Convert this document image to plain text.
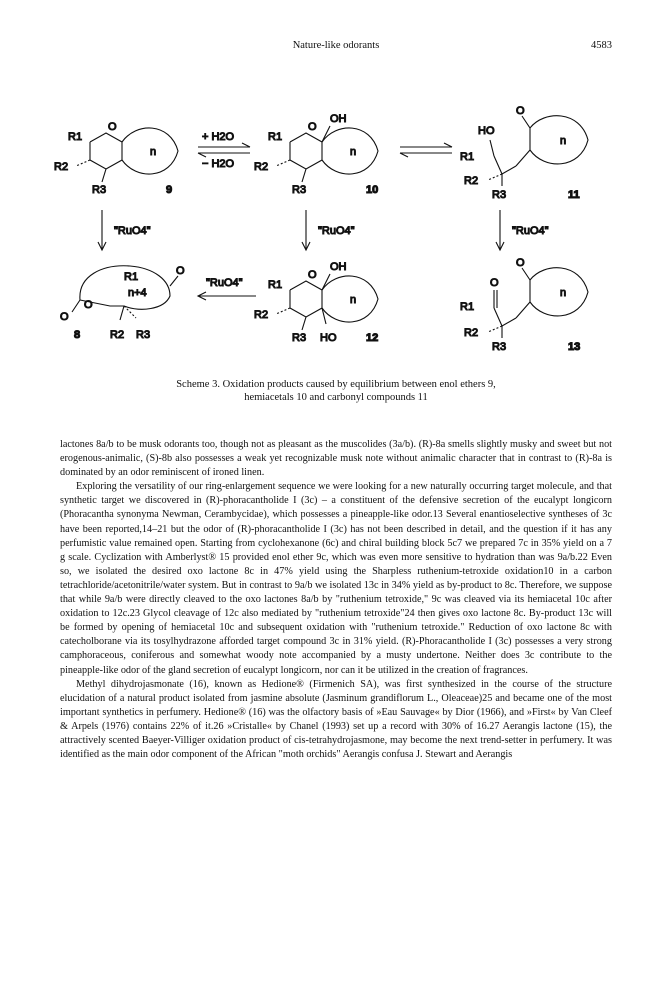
Nature-like odorants	4583
R1
O
R2
R3
n
9
+ H2O
− H2O
OH
R1
O
R2
R3
n
10
O
HO
R1
R2
R3
n
11
"RuO4"	"RuO4"	"RuO4"
O
O
O
R1
n+4
8	R2 R3
"RuO4"
OH
R1
O
R2
R3 HO
n
12
O
O
R1
R2
R3
n
13

Scheme 3. Oxidation products caused by equilibrium between enol ethers 9,

hemiacetals 10 and carbonyl compounds 11

lactones 8a/b to be musk odorants too, though not as pleasant as the muscolides (3a/b). (R)-8a smells slightly musky and sweet but not erogenous-animalic, (S)-8b also possesses a weak yet recognizable musk note without animalic character that in contrast to (R)-8a is dominated by an odor reminiscent of ironed linen.

Exploring the versatility of our ring-enlargement sequence we were looking for a new naturally occurring target molecule, and that synthetic target we discovered in (R)-phoracantholide I (3c) – a constituent of the defensive secretion of the eucalypt longicorn (Phoracantha synonyma Newman, Cerambycidae), which possesses a pineapple-like odor.13 Several enantioselective syntheses of 3c have been reported,14–21 but the odor of (R)-phoracantholide I (3c) has not been described in detail, and the question if it has any perfumistic value remained open. Starting from cyclohexanone (6c) and chiral building block 5c7 we prepared 7c in 35% yield on a 7 g scale. Cyclization with Amberlyst® 15 provided enol ether 9c, which was even more sensitive to hydration than was 9a/b.22 Even so, we isolated the desired oxo lactone 8c in 47% yield using the Sharpless ruthenium-tetroxide oxidation10 in a carbon tetrachloride/acetonitrile/water system. But in contrast to 9a/b we isolated 13c in 34% yield as by-product to 8c. Therefore, we suppose that while 9a/b were directly cleaved to the oxo lactones 8a/b by "ruthenium tetroxide," 9c was cleaved via its hemiacetal 10c after oxidation to 12c.23 Glycol cleavage of 12c also mediated by "ruthenium tetroxide"24 then gives oxo lactone 8c. By-product 13c will be formed by opening of hemiacetal 10c and subsequent oxidation with "ruthenium tetroxide." Reduction of oxo lactone 8c with catecholborane via its tosylhydrazone afforded target compound 3c in 31% yield. (R)-Phoracantholide I (3c) possesses a very strong camphoraceous, coniferous and somewhat woody note accompanied by a musty undertone. Neither does 3c contribute to the pineapple-like odor of the gland secretion of eucalypt longicorn, nor can it be utilized in the creation of fragrances.

Methyl dihydrojasmonate (16), known as Hedione® (Firmenich SA), was first synthesized in the course of the structure elucidation of a natural product isolated from jasmine absolute (Jasminum grandiflorum L., Oleaceae)25 and became one of the most important synthetics in perfumery. Hedione® (16) was the olfactory basis of »Eau Sauvage« by Dior (1966), and »First« by Van Cleef & Arpels (1976) contains 22% of it.26 »Cristalle« by Chanel (1993) set up a record with 30% of 16.27 Aerangis lactone (15), the attractively scented Baeyer-Villiger oxidation product of cis-tetrahydrojasmone, may become the next trend-setter in perfumery. It was identified as the main odor component of the African "moth orchids" Aerangis confusa J. Stewart and Aerangis
